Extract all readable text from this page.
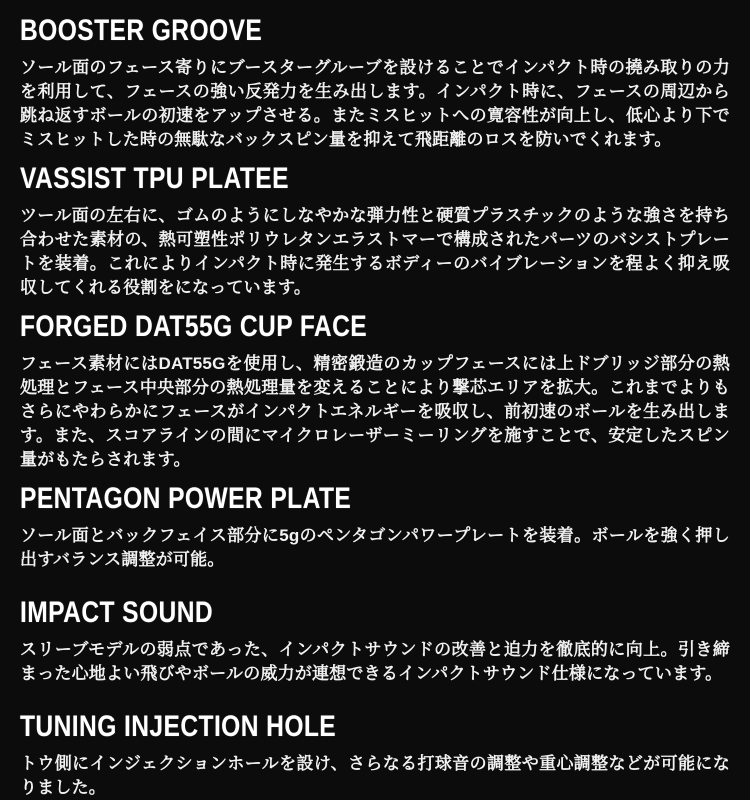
BOOSTER GROOVE

ソール面のフェース寄りにブースターグルーブを設けることでインパクト時の撓み取りの力を利用して、フェースの強い反発力を生み出します。インパクト時に、フェースの周辺から跳ね返すボールの初速をアップさせる。またミスヒットへの寛容性が向上し、低心より下でミスヒットした時の無駄なバックスピン量を抑えて飛距離のロスを防いでくれます。

VASSIST TPU PLATEE

ツール面の左右に、ゴムのようにしなやかな弾力性と硬質プラスチックのような強さを持ち合わせた素材の、熱可塑性ポリウレタンエラストマーで構成されたパーツのバシストプレートを装着。これによりインパクト時に発生するボディーのバイブレーションを程よく抑え吸収してくれる役割をになっています。

FORGED DAT55G CUP FACE

フェース素材にはDAT55Gを使用し、精密鍛造のカップフェースには上ドブリッジ部分の熱処理とフェース中央部分の熱処理量を変えることにより撃芯エリアを拡大。これまでよりもさらにやわらかにフェースがインパクトエネルギーを吸収し、前初速のボールを生み出します。また、スコアラインの間にマイクロレーザーミーリングを施すことで、安定したスピン量がもたらされます。

PENTAGON POWER PLATE

ソール面とバックフェイス部分に5gのペンタゴンパワープレートを装着。ボールを強く押し出すバランス調整が可能。

IMPACT SOUND

スリーブモデルの弱点であった、インパクトサウンドの改善と迫力を徹底的に向上。引き締まった心地よい飛びやボールの威力が連想できるインパクトサウンド仕様になっています。

TUNING INJECTION HOLE

トウ側にインジェクションホールを設け、さらなる打球音の調整や重心調整などが可能になりました。
